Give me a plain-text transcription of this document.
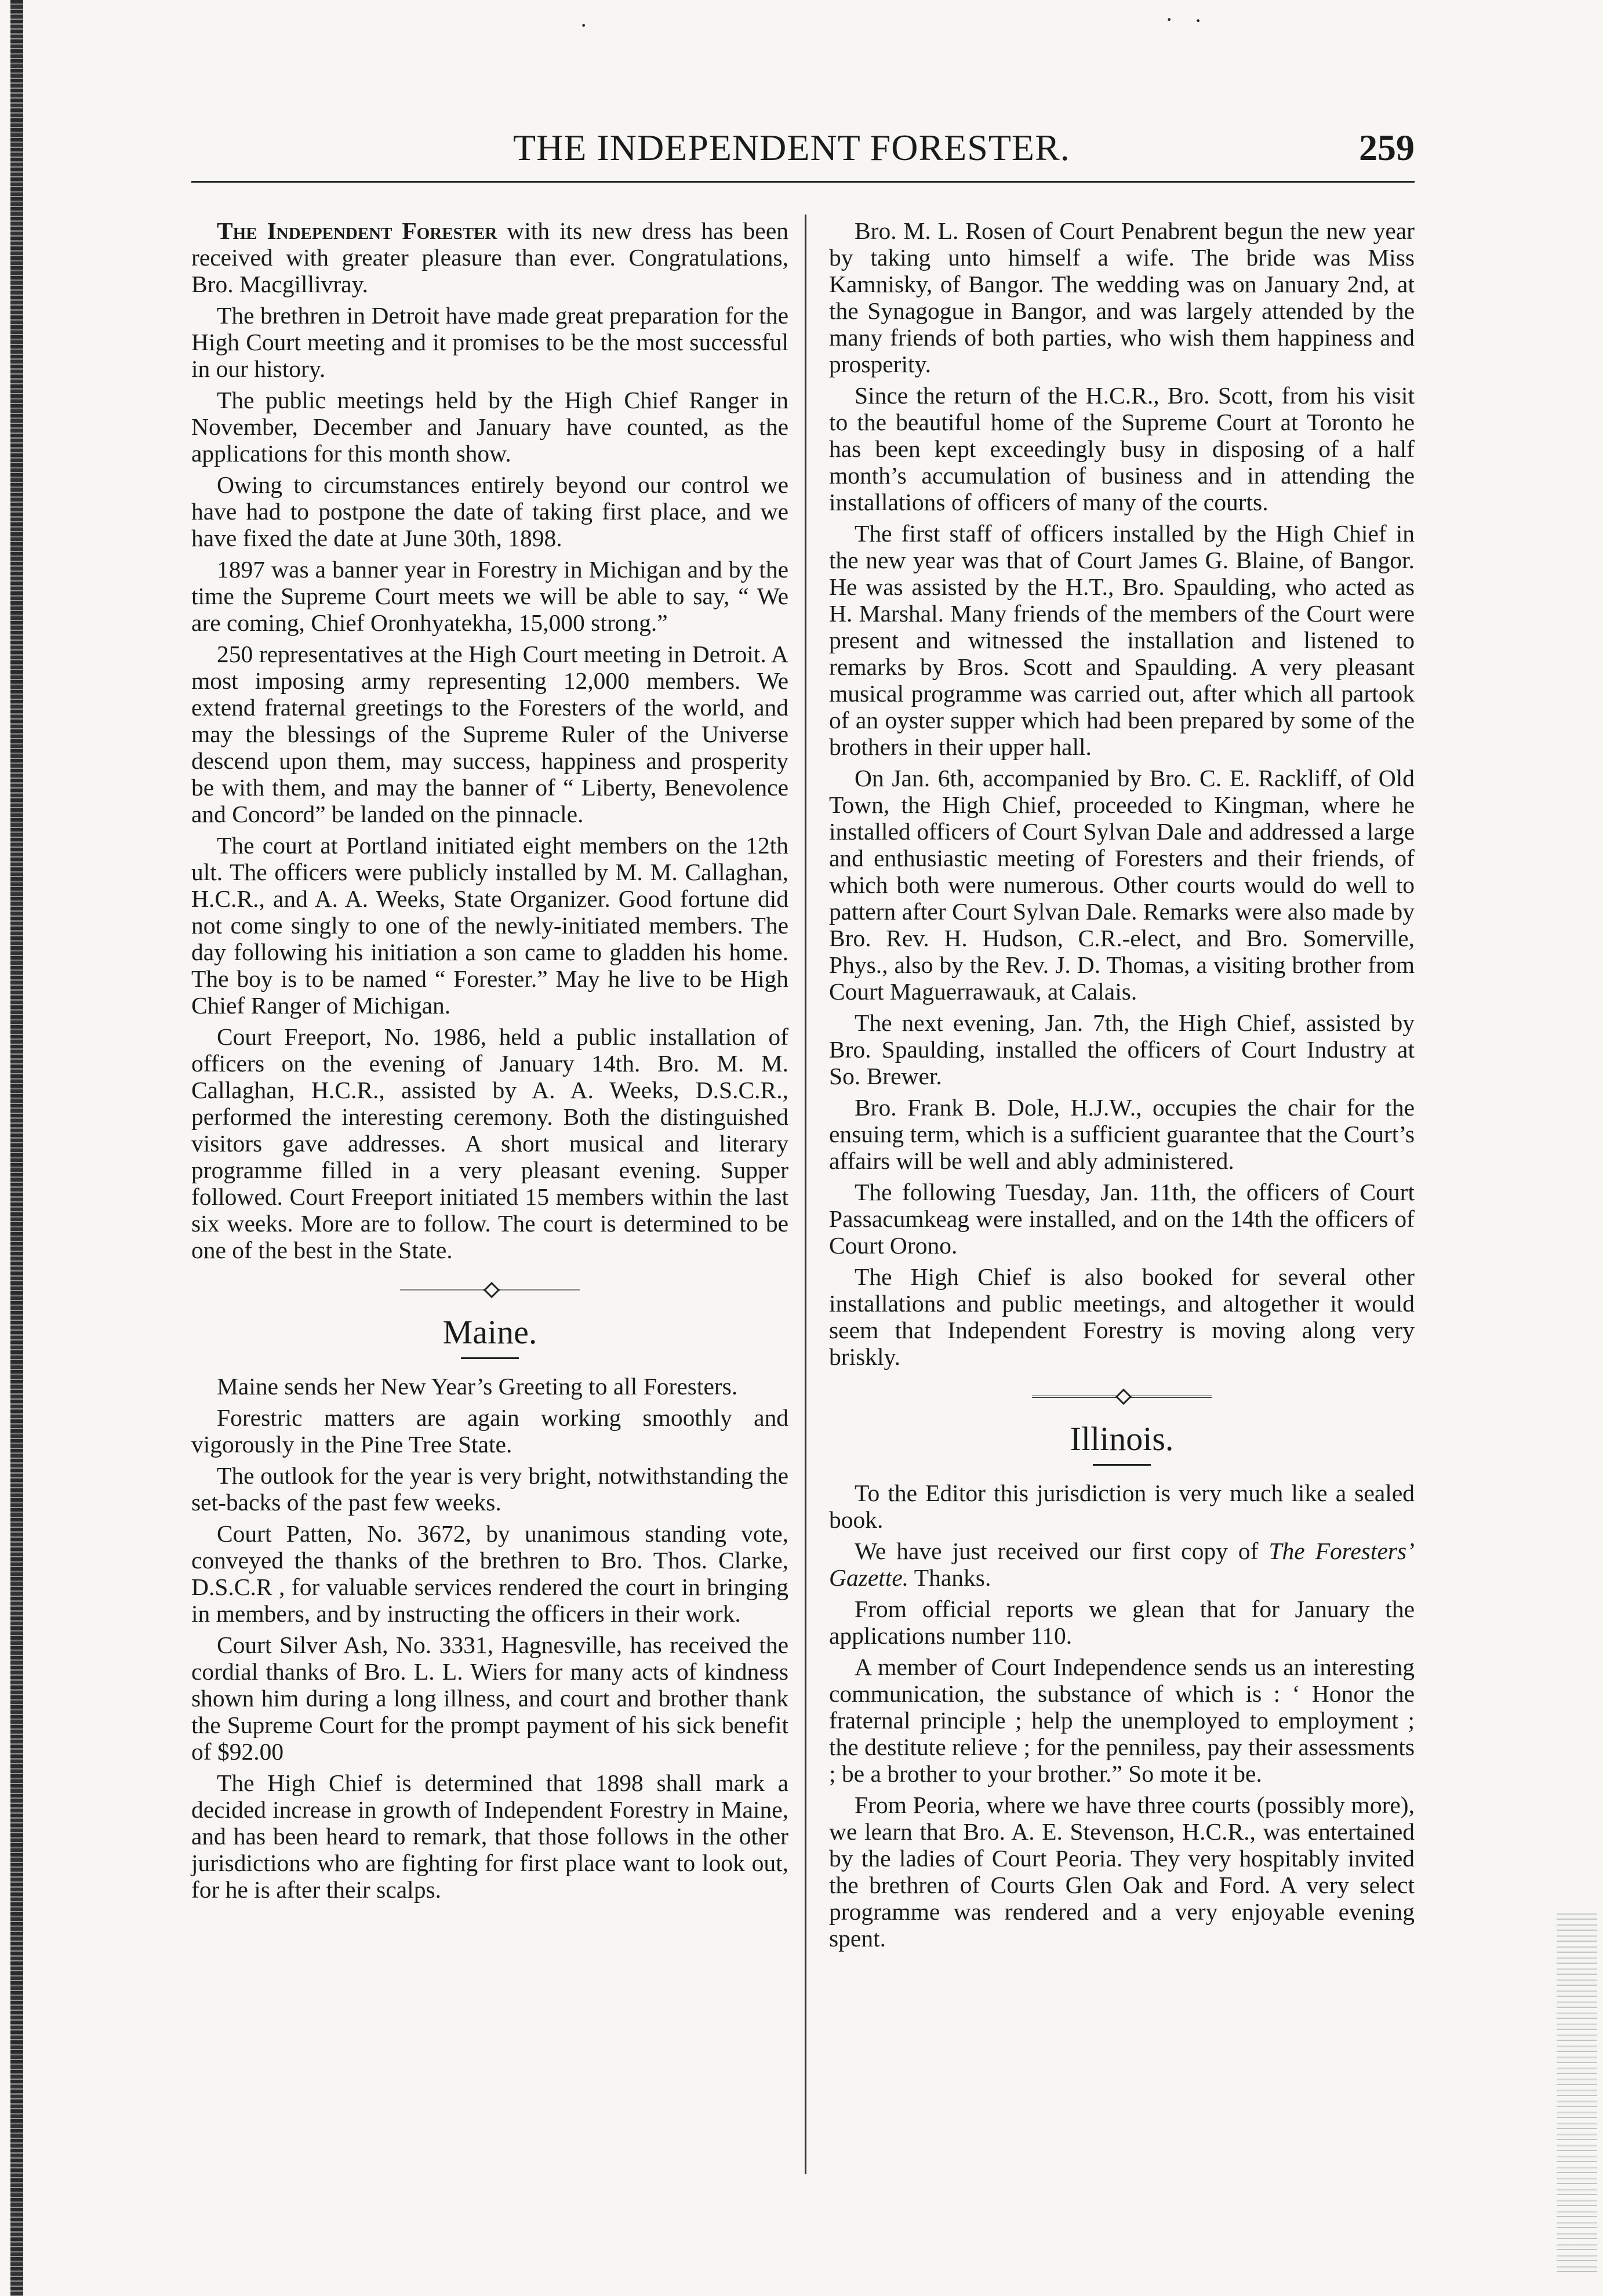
·	· ·
THE INDEPENDENT FORESTER.	259

The Independent Forester with its new dress has been received with greater pleasure than ever. Congratulations, Bro. Macgillivray.

The brethren in Detroit have made great preparation for the High Court meeting and it promises to be the most successful in our history.

The public meetings held by the High Chief Ranger in November, December and January have counted, as the applications for this month show.

Owing to circumstances entirely beyond our control we have had to postpone the date of taking first place, and we have fixed the date at June 30th, 1898.

1897 was a banner year in Forestry in Michigan and by the time the Supreme Court meets we will be able to say, “ We are coming, Chief Oronhyatekha, 15,000 strong.”

250 representatives at the High Court meeting in Detroit. A most imposing army representing 12,000 members. We extend fraternal greetings to the Foresters of the world, and may the blessings of the Supreme Ruler of the Universe descend upon them, may success, happiness and prosperity be with them, and may the banner of “ Liberty, Benevolence and Concord” be landed on the pinnacle.

The court at Portland initiated eight members on the 12th ult. The officers were publicly installed by M. M. Callaghan, H.C.R., and A. A. Weeks, State Organizer. Good fortune did not come singly to one of the newly-initiated members. The day following his initiation a son came to gladden his home. The boy is to be named “ Forester.” May he live to be High Chief Ranger of Michigan.

Court Freeport, No. 1986, held a public installation of officers on the evening of January 14th. Bro. M. M. Callaghan, H.C.R., assisted by A. A. Weeks, D.S.C.R., performed the interesting ceremony. Both the distinguished visitors gave addresses. A short musical and literary programme filled in a very pleasant evening. Supper followed. Court Freeport initiated 15 members within the last six weeks. More are to follow. The court is determined to be one of the best in the State.

Maine.

Maine sends her New Year’s Greeting to all Foresters.

Forestric matters are again working smoothly and vigorously in the Pine Tree State.

The outlook for the year is very bright, notwithstanding the set-backs of the past few weeks.

Court Patten, No. 3672, by unanimous standing vote, conveyed the thanks of the brethren to Bro. Thos. Clarke, D.S.C.R , for valuable services rendered the court in bringing in members, and by instructing the officers in their work.

Court Silver Ash, No. 3331, Hagnesville, has received the cordial thanks of Bro. L. L. Wiers for many acts of kindness shown him during a long illness, and court and brother thank the Supreme Court for the prompt payment of his sick benefit of $92.00

The High Chief is determined that 1898 shall mark a decided increase in growth of Independent Forestry in Maine, and has been heard to remark, that those follows in the other jurisdictions who are fighting for first place want to look out, for he is after their scalps.

Bro. M. L. Rosen of Court Penabrent begun the new year by taking unto himself a wife. The bride was Miss Kamnisky, of Bangor. The wedding was on January 2nd, at the Synagogue in Bangor, and was largely attended by the many friends of both parties, who wish them happiness and prosperity.

Since the return of the H.C.R., Bro. Scott, from his visit to the beautiful home of the Supreme Court at Toronto he has been kept exceedingly busy in disposing of a half month’s accumulation of business and in attending the installations of officers of many of the courts.

The first staff of officers installed by the High Chief in the new year was that of Court James G. Blaine, of Bangor. He was assisted by the H.T., Bro. Spaulding, who acted as H. Marshal. Many friends of the members of the Court were present and witnessed the installation and listened to remarks by Bros. Scott and Spaulding. A very pleasant musical programme was carried out, after which all partook of an oyster supper which had been prepared by some of the brothers in their upper hall.

On Jan. 6th, accompanied by Bro. C. E. Rackliff, of Old Town, the High Chief, proceeded to Kingman, where he installed officers of Court Sylvan Dale and addressed a large and enthusiastic meeting of Foresters and their friends, of which both were numerous. Other courts would do well to pattern after Court Sylvan Dale. Remarks were also made by Bro. Rev. H. Hudson, C.R.-elect, and Bro. Somerville, Phys., also by the Rev. J. D. Thomas, a visiting brother from Court Maguerrawauk, at Calais.

The next evening, Jan. 7th, the High Chief, assisted by Bro. Spaulding, installed the officers of Court Industry at So. Brewer.

Bro. Frank B. Dole, H.J.W., occupies the chair for the ensuing term, which is a sufficient guarantee that the Court’s affairs will be well and ably administered.

The following Tuesday, Jan. 11th, the officers of Court Passacumkeag were installed, and on the 14th the officers of Court Orono.

The High Chief is also booked for several other installations and public meetings, and altogether it would seem that Independent Forestry is moving along very briskly.

Illinois.

To the Editor this jurisdiction is very much like a sealed book.

We have just received our first copy of The Foresters’ Gazette. Thanks.

From official reports we glean that for January the applications number 110.

A member of Court Independence sends us an interesting communication, the substance of which is : ‘ Honor the fraternal principle ; help the unemployed to employment ; the destitute relieve ; for the penniless, pay their assessments ; be a brother to your brother.” So mote it be.

From Peoria, where we have three courts (possibly more), we learn that Bro. A. E. Stevenson, H.C.R., was entertained by the ladies of Court Peoria. They very hospitably invited the brethren of Courts Glen Oak and Ford. A very select programme was rendered and a very enjoyable evening spent.
